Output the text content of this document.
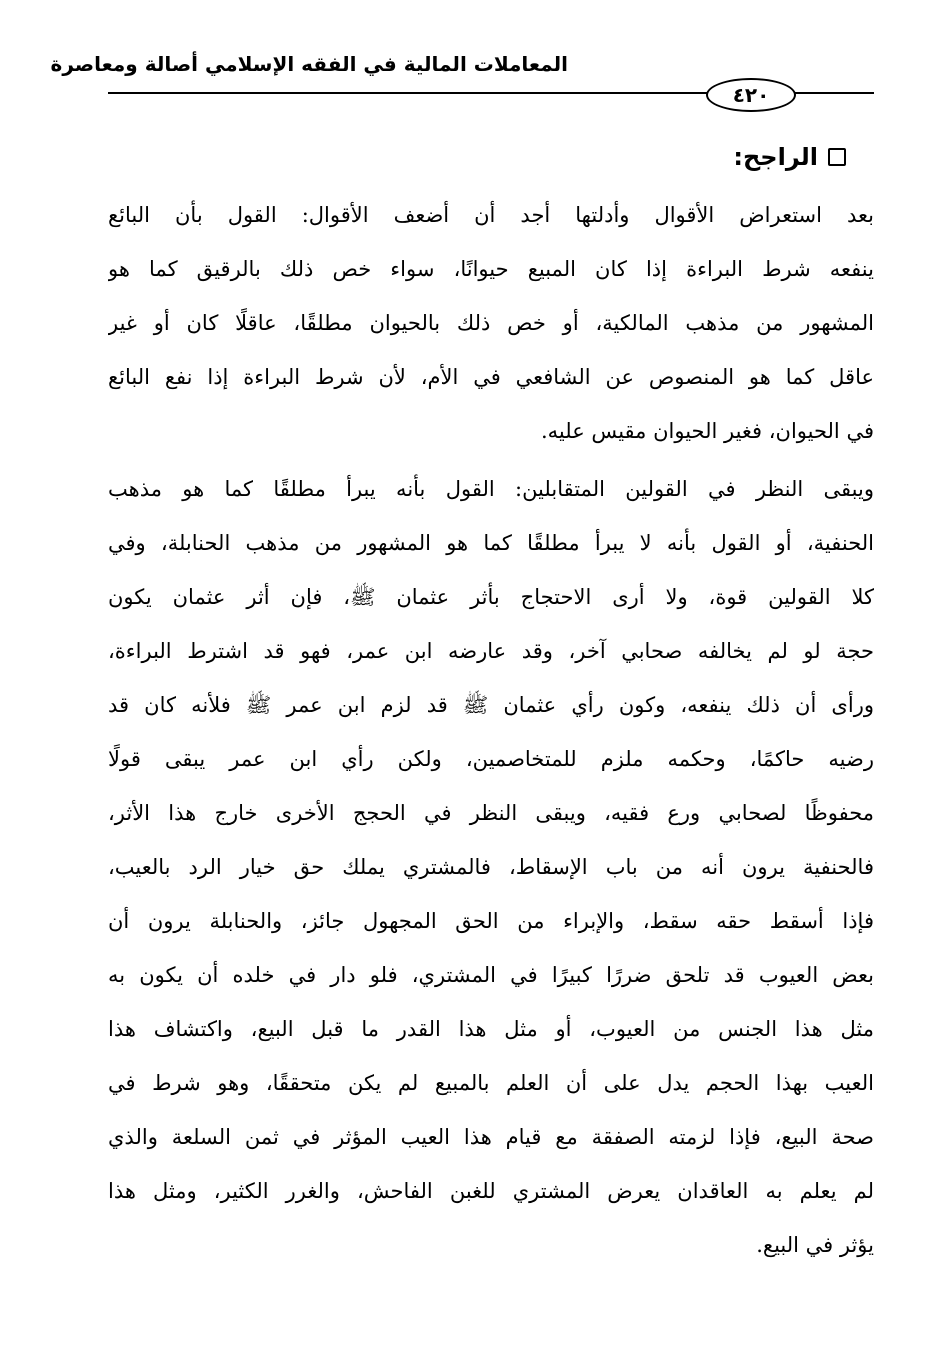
المعاملات المالية في الفقه الإسلامي أصالة ومعاصرة
٤٢٠
الراجح:
بعد استعراض الأقوال وأدلتها أجد أن أضعف الأقوال: القول بأن البائع
ينفعه شرط البراءة إذا كان المبيع حيوانًا، سواء خص ذلك بالرقيق كما هو
المشهور من مذهب المالكية، أو خص ذلك بالحيوان مطلقًا، عاقلًا كان أو غير
عاقل كما هو المنصوص عن الشافعي في الأم، لأن شرط البراءة إذا نفع البائع
في الحيوان، فغير الحيوان مقيس عليه.
ويبقى النظر في القولين المتقابلين: القول بأنه يبرأ مطلقًا كما هو مذهب
الحنفية، أو القول بأنه لا يبرأ مطلقًا كما هو المشهور من مذهب الحنابلة، وفي
كلا القولين قوة، ولا أرى الاحتجاج بأثر عثمان ﷺ، فإن أثر عثمان يكون
حجة لو لم يخالفه صحابي آخر، وقد عارضه ابن عمر، فهو قد اشترط البراءة،
ورأى أن ذلك ينفعه، وكون رأي عثمان ﷺ قد لزم ابن عمر ﷺ فلأنه كان قد
رضيه حاكمًا، وحكمه ملزم للمتخاصمين، ولكن رأي ابن عمر يبقى قولًا
محفوظًا لصحابي ورع فقيه، ويبقى النظر في الحجج الأخرى خارج هذا الأثر،
فالحنفية يرون أنه من باب الإسقاط، فالمشتري يملك حق خيار الرد بالعيب،
فإذا أسقط حقه سقط، والإبراء من الحق المجهول جائز، والحنابلة يرون أن
بعض العيوب قد تلحق ضررًا كبيرًا في المشتري، فلو دار في خلده أن يكون به
مثل هذا الجنس من العيوب، أو مثل هذا القدر ما قبل البيع، واكتشاف هذا
العيب بهذا الحجم يدل على أن العلم بالمبيع لم يكن متحققًا، وهو شرط في
صحة البيع، فإذا لزمته الصفقة مع قيام هذا العيب المؤثر في ثمن السلعة والذي
لم يعلم به العاقدان يعرض المشتري للغبن الفاحش، والغرر الكثير، ومثل هذا
يؤثر في البيع.
